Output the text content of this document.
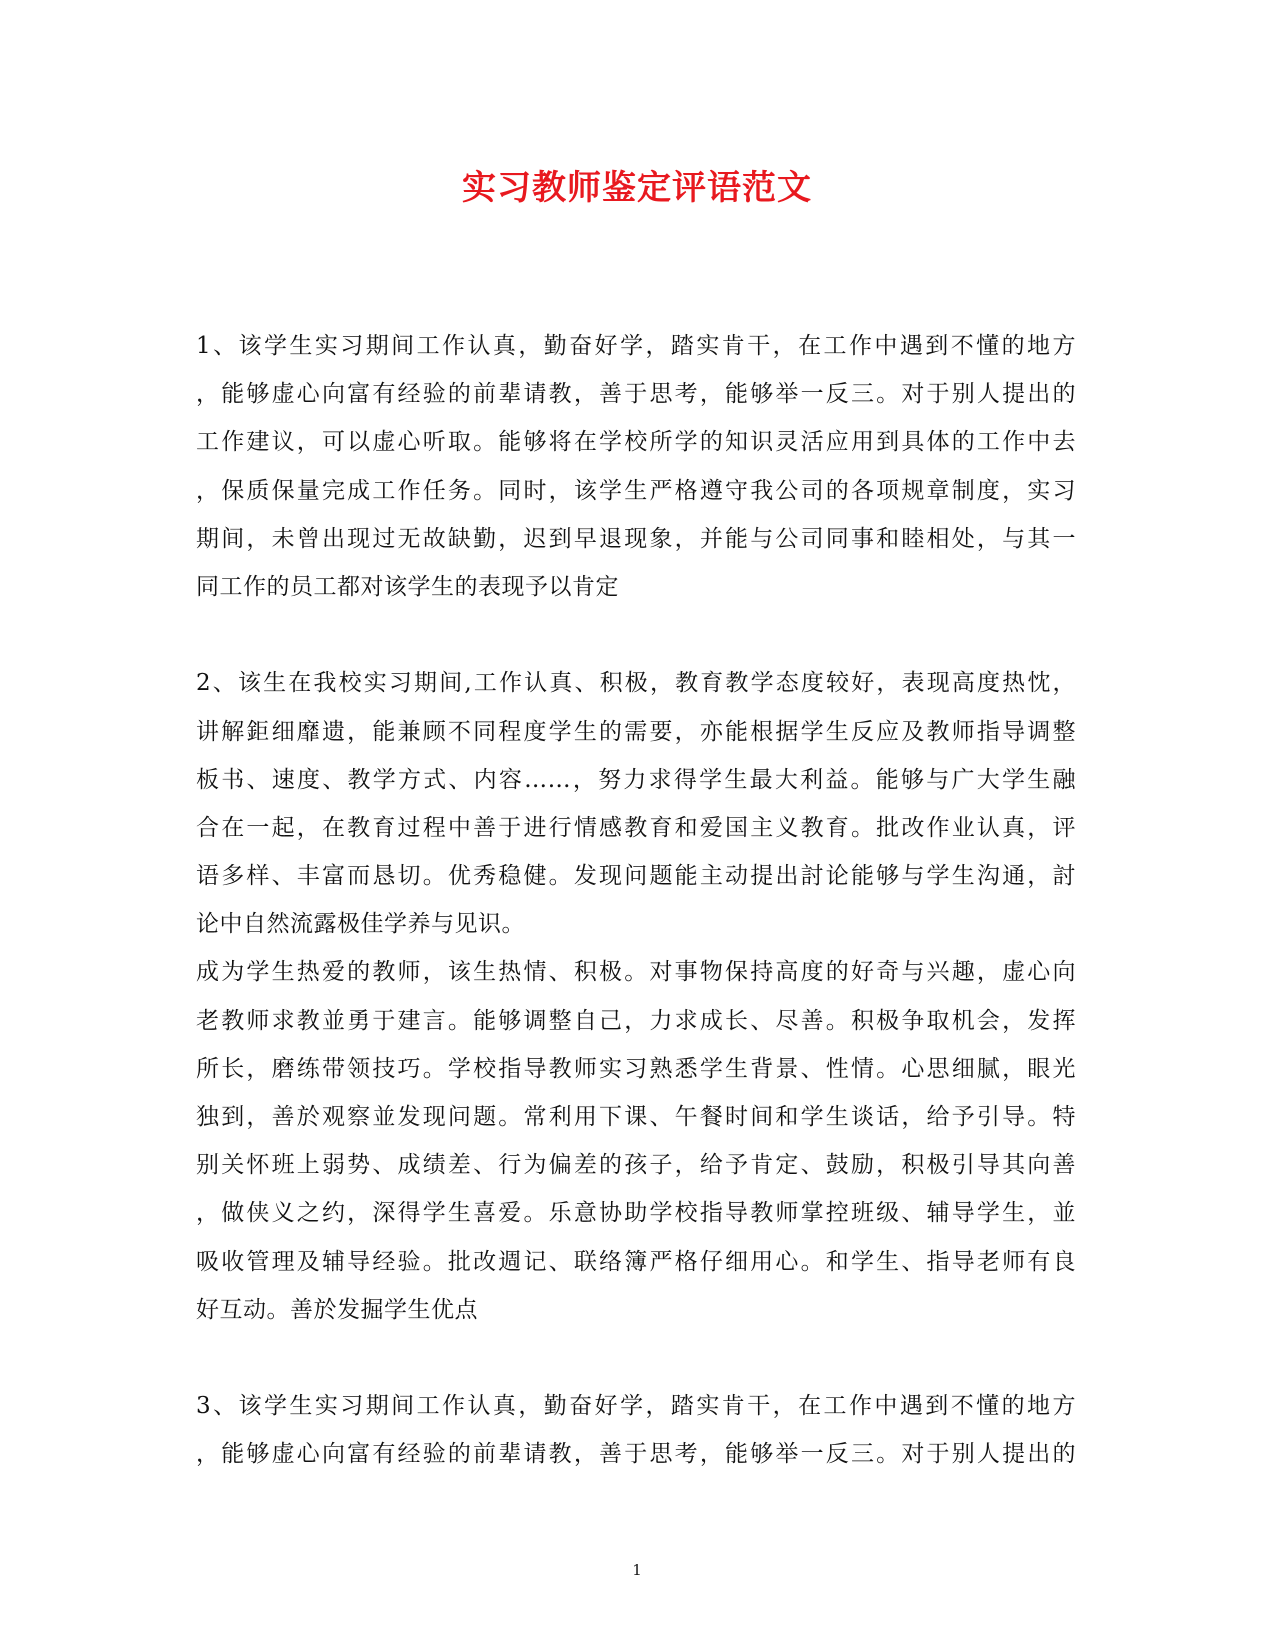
实习教师鉴定评语范文
1、该学生实习期间工作认真，勤奋好学，踏实肯干，在工作中遇到不懂的地方
，能够虚心向富有经验的前辈请教，善于思考，能够举一反三。对于别人提出的
工作建议，可以虚心听取。能够将在学校所学的知识灵活应用到具体的工作中去
，保质保量完成工作任务。同时，该学生严格遵守我公司的各项规章制度，实习
期间，未曾出现过无故缺勤，迟到早退现象，并能与公司同事和睦相处，与其一
同工作的员工都对该学生的表现予以肯定
2、该生在我校实习期间,工作认真、积极，教育教学态度较好，表现高度热忱，
讲解鉅细靡遗，能兼顾不同程度学生的需要，亦能根据学生反应及教师指导调整
板书、速度、教学方式、内容……，努力求得学生最大利益。能够与广大学生融
合在一起，在教育过程中善于进行情感教育和爱国主义教育。批改作业认真，评
语多样、丰富而恳切。优秀稳健。发现问题能主动提出討论能够与学生沟通，討
论中自然流露极佳学养与见识。
成为学生热爱的教师，该生热情、积极。对事物保持高度的好奇与兴趣，虚心向
老教师求教並勇于建言。能够调整自己，力求成长、尽善。积极争取机会，发挥
所长，磨练带领技巧。学校指导教师实习熟悉学生背景、性情。心思细腻，眼光
独到，善於观察並发现问题。常利用下课、午餐时间和学生谈话，给予引导。特
别关怀班上弱势、成绩差、行为偏差的孩子，给予肯定、鼓励，积极引导其向善
，做侠义之约，深得学生喜爱。乐意协助学校指导教师掌控班级、辅导学生，並
吸收管理及辅导经验。批改週记、联络簿严格仔细用心。和学生、指导老师有良
好互动。善於发掘学生优点
3、该学生实习期间工作认真，勤奋好学，踏实肯干，在工作中遇到不懂的地方
，能够虚心向富有经验的前辈请教，善于思考，能够举一反三。对于别人提出的
1
